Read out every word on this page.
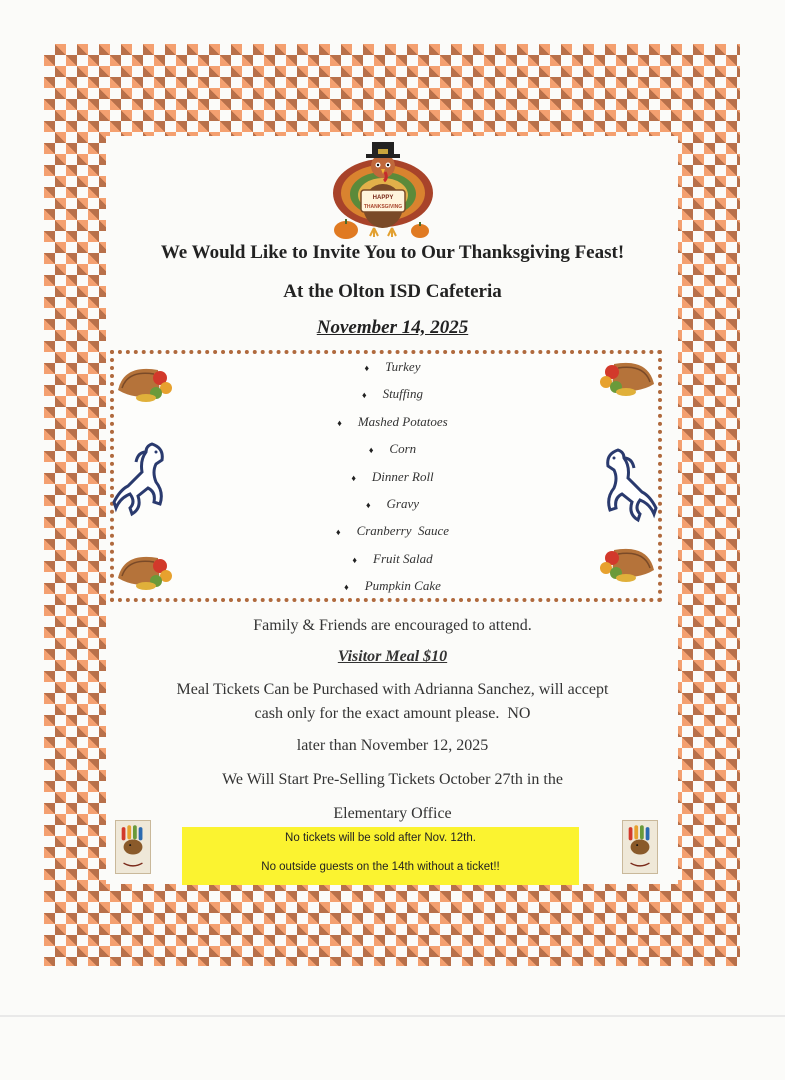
HAPPY
THANKSGIVING
We Would Like to Invite You to Our Thanksgiving Feast!
At the Olton ISD Cafeteria
November 14, 2025
♦ Turkey
♦ Stuffing
♦ Mashed Potatoes
♦ Corn
♦ Dinner Roll
♦ Gravy
♦ Cranberry  Sauce
♦ Fruit Salad
♦ Pumpkin Cake
Family & Friends are encouraged to attend.
Visitor Meal $10
Meal Tickets Can be Purchased with Adrianna Sanchez, will accept
cash only for the exact amount please.  NO
later than November 12, 2025
We Will Start Pre-Selling Tickets October 27th in the
Elementary Office
No tickets will be sold after Nov. 12th.
No outside guests on the 14th without a ticket!!
